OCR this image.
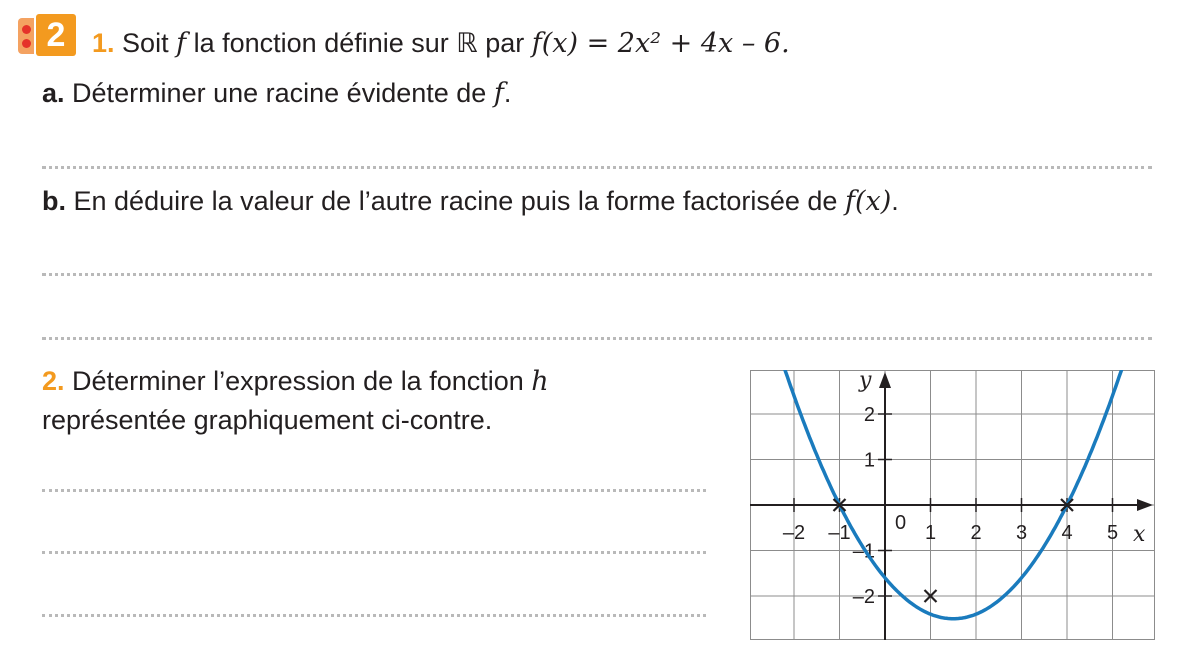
2 1. Soit f la fonction définie sur ℝ par f(x) = 2x² + 4x – 6.
a. Déterminer une racine évidente de f.
b. En déduire la valeur de l’autre racine puis la forme factorisée de f(x).
2. Déterminer l’expression de la fonction h
représentée graphiquement ci-contre.
–2 –1	1 2 3 4 5
–2
–1
1
2
0	x
y
